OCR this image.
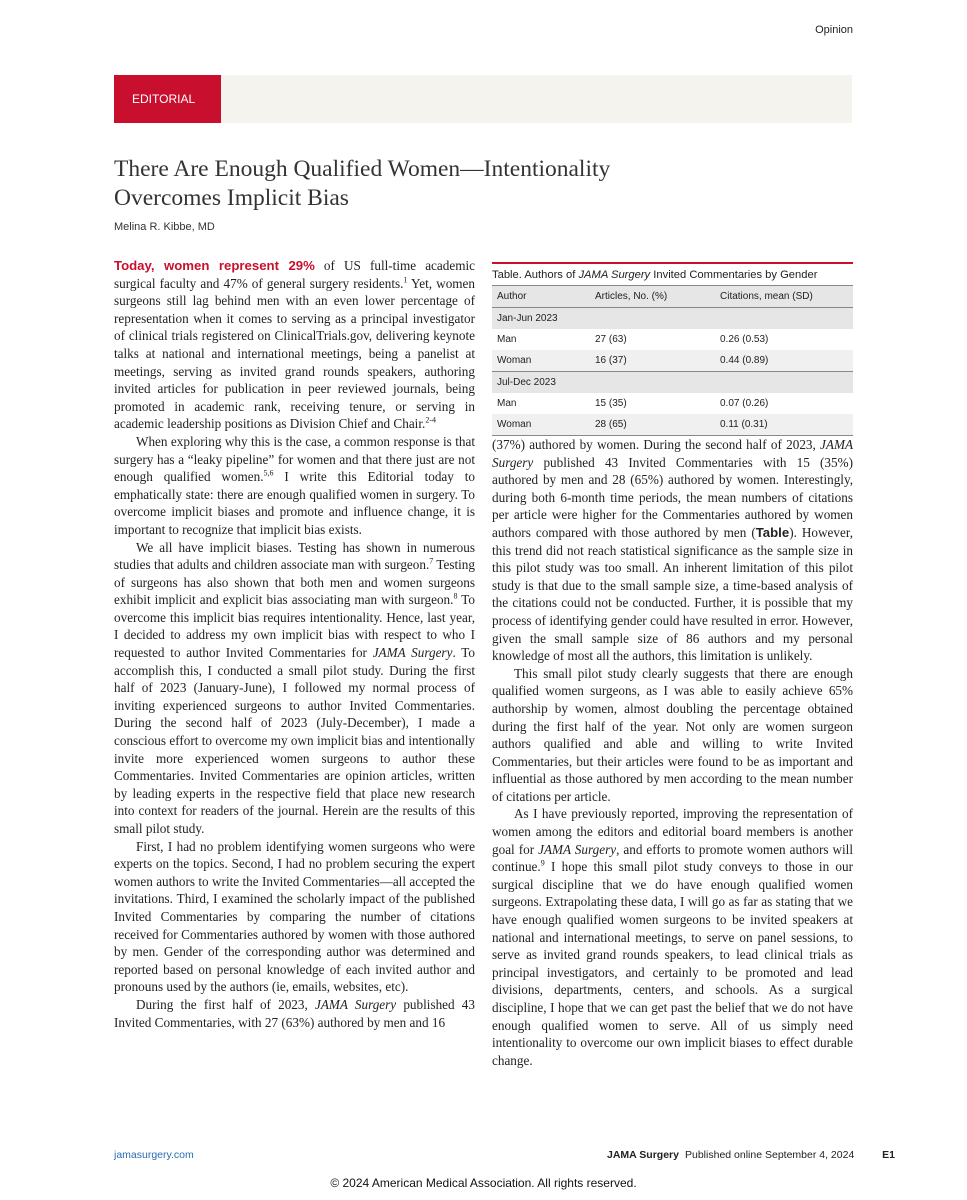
Opinion
EDITORIAL
There Are Enough Qualified Women—Intentionality Overcomes Implicit Bias
Melina R. Kibbe, MD

Today, women represent 29% of US full-time academic surgical faculty and 47% of general surgery residents.$^1$ Yet, women surgeons still lag behind men with an even lower percentage of representation when it comes to serving as a principal investigator of clinical trials registered on ClinicalTrials.gov, delivering keynote talks at national and international meetings, being a panelist at meetings, serving as invited grand rounds speakers, authoring invited articles for publication in peer reviewed journals, being promoted in academic rank, receiving tenure, or serving in academic leadership positions as Division Chief and Chair.$^{2-4}$

When exploring why this is the case, a common response is that surgery has a “leaky pipeline” for women and that there just are not enough qualified women.$^{5,6}$ I write this Editorial today to emphatically state: there are enough qualified women in surgery. To overcome implicit biases and promote and influence change, it is important to recognize that implicit bias exists.

We all have implicit biases. Testing has shown in numerous studies that adults and children associate man with surgeon.$^7$ Testing of surgeons has also shown that both men and women surgeons exhibit implicit and explicit bias associating man with surgeon.$^8$ To overcome this implicit bias requires intentionality. Hence, last year, I decided to address my own implicit bias with respect to who I requested to author Invited Commentaries for JAMA Surgery. To accomplish this, I conducted a small pilot study. During the first half of 2023 (January-June), I followed my normal process of inviting experienced surgeons to author Invited Commentaries. During the second half of 2023 (July-December), I made a conscious effort to overcome my own implicit bias and intentionally invite more experienced women surgeons to author these Commentaries. Invited Commentaries are opinion articles, written by leading experts in the respective field that place new research into context for readers of the journal. Herein are the results of this small pilot study.

First, I had no problem identifying women surgeons who were experts on the topics. Second, I had no problem securing the expert women authors to write the Invited Commentaries—all accepted the invitations. Third, I examined the scholarly impact of the published Invited Commentaries by comparing the number of citations received for Commentaries authored by women with those authored by men. Gender of the corresponding author was determined and reported based on personal knowledge of each invited author and pronouns used by the authors (ie, emails, websites, etc).

During the first half of 2023, JAMA Surgery published 43 Invited Commentaries, with 27 (63%) authored by men and 16

Table. Authors of JAMA Surgery Invited Commentaries by Gender
Author	Articles, No. (%)	Citations, mean (SD)
Jan-Jun 2023		
Man	27 (63)	0.26 (0.53)
Woman	16 (37)	0.44 (0.89)
Jul-Dec 2023		
Man	15 (35)	0.07 (0.26)
Woman	28 (65)	0.11 (0.31)

(37%) authored by women. During the second half of 2023, JAMA Surgery published 43 Invited Commentaries with 15 (35%) authored by men and 28 (65%) authored by women. Interestingly, during both 6-month time periods, the mean numbers of citations per article were higher for the Commentaries authored by women authors compared with those authored by men (Table). However, this trend did not reach statistical significance as the sample size in this pilot study was too small. An inherent limitation of this pilot study is that due to the small sample size, a time-based analysis of the citations could not be conducted. Further, it is possible that my process of identifying gender could have resulted in error. However, given the small sample size of 86 authors and my personal knowledge of most all the authors, this limitation is unlikely.

This small pilot study clearly suggests that there are enough qualified women surgeons, as I was able to easily achieve 65% authorship by women, almost doubling the percentage obtained during the first half of the year. Not only are women surgeon authors qualified and able and willing to write Invited Commentaries, but their articles were found to be as important and influential as those authored by men according to the mean number of citations per article.

As I have previously reported, improving the representation of women among the editors and editorial board members is another goal for JAMA Surgery, and efforts to promote women authors will continue.$^9$ I hope this small pilot study conveys to those in our surgical discipline that we do have enough qualified women surgeons. Extrapolating these data, I will go as far as stating that we have enough qualified women surgeons to be invited speakers at national and international meetings, to serve on panel sessions, to serve as invited grand rounds speakers, to lead clinical trials as principal investigators, and certainly to be promoted and lead divisions, departments, centers, and schools. As a surgical discipline, I hope that we can get past the belief that we do not have enough qualified women to serve. All of us simply need intentionality to overcome our own implicit biases to effect durable change.

jamasurgery.com	JAMA Surgery Published online September 4, 2024	E1
© 2024 American Medical Association. All rights reserved.
